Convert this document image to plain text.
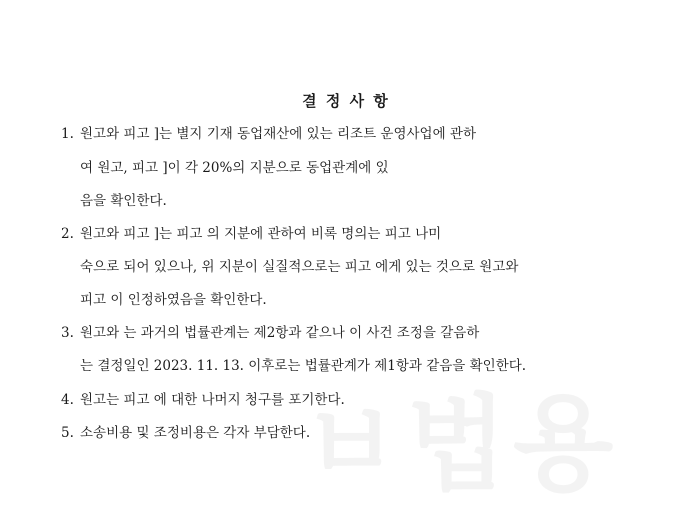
결 정 사 항
1. 원고와 피고 ]는 별지 기재 동업재산에 있는 리조트 운영사업에 관하
여 원고, 피고 ]이 각 20%의 지분으로 동업관계에 있
음을 확인한다.
2. 원고와 피고 ]는 피고 의 지분에 관하여 비록 명의는 피고 나미
숙으로 되어 있으나, 위 지분이 실질적으로는 피고 에게 있는 것으로 원고와
피고 이 인정하였음을 확인한다.
3. 원고와 는 과거의 법률관계는 제2항과 같으나 이 사건 조정을 갈음하
는 결정일인 2023. 11. 13. 이후로는 법률관계가 제1항과 같음을 확인한다.
4. 원고는 피고 에 대한 나머지 청구를 포기한다.
5. 소송비용 및 조정비용은 각자 부담한다.
